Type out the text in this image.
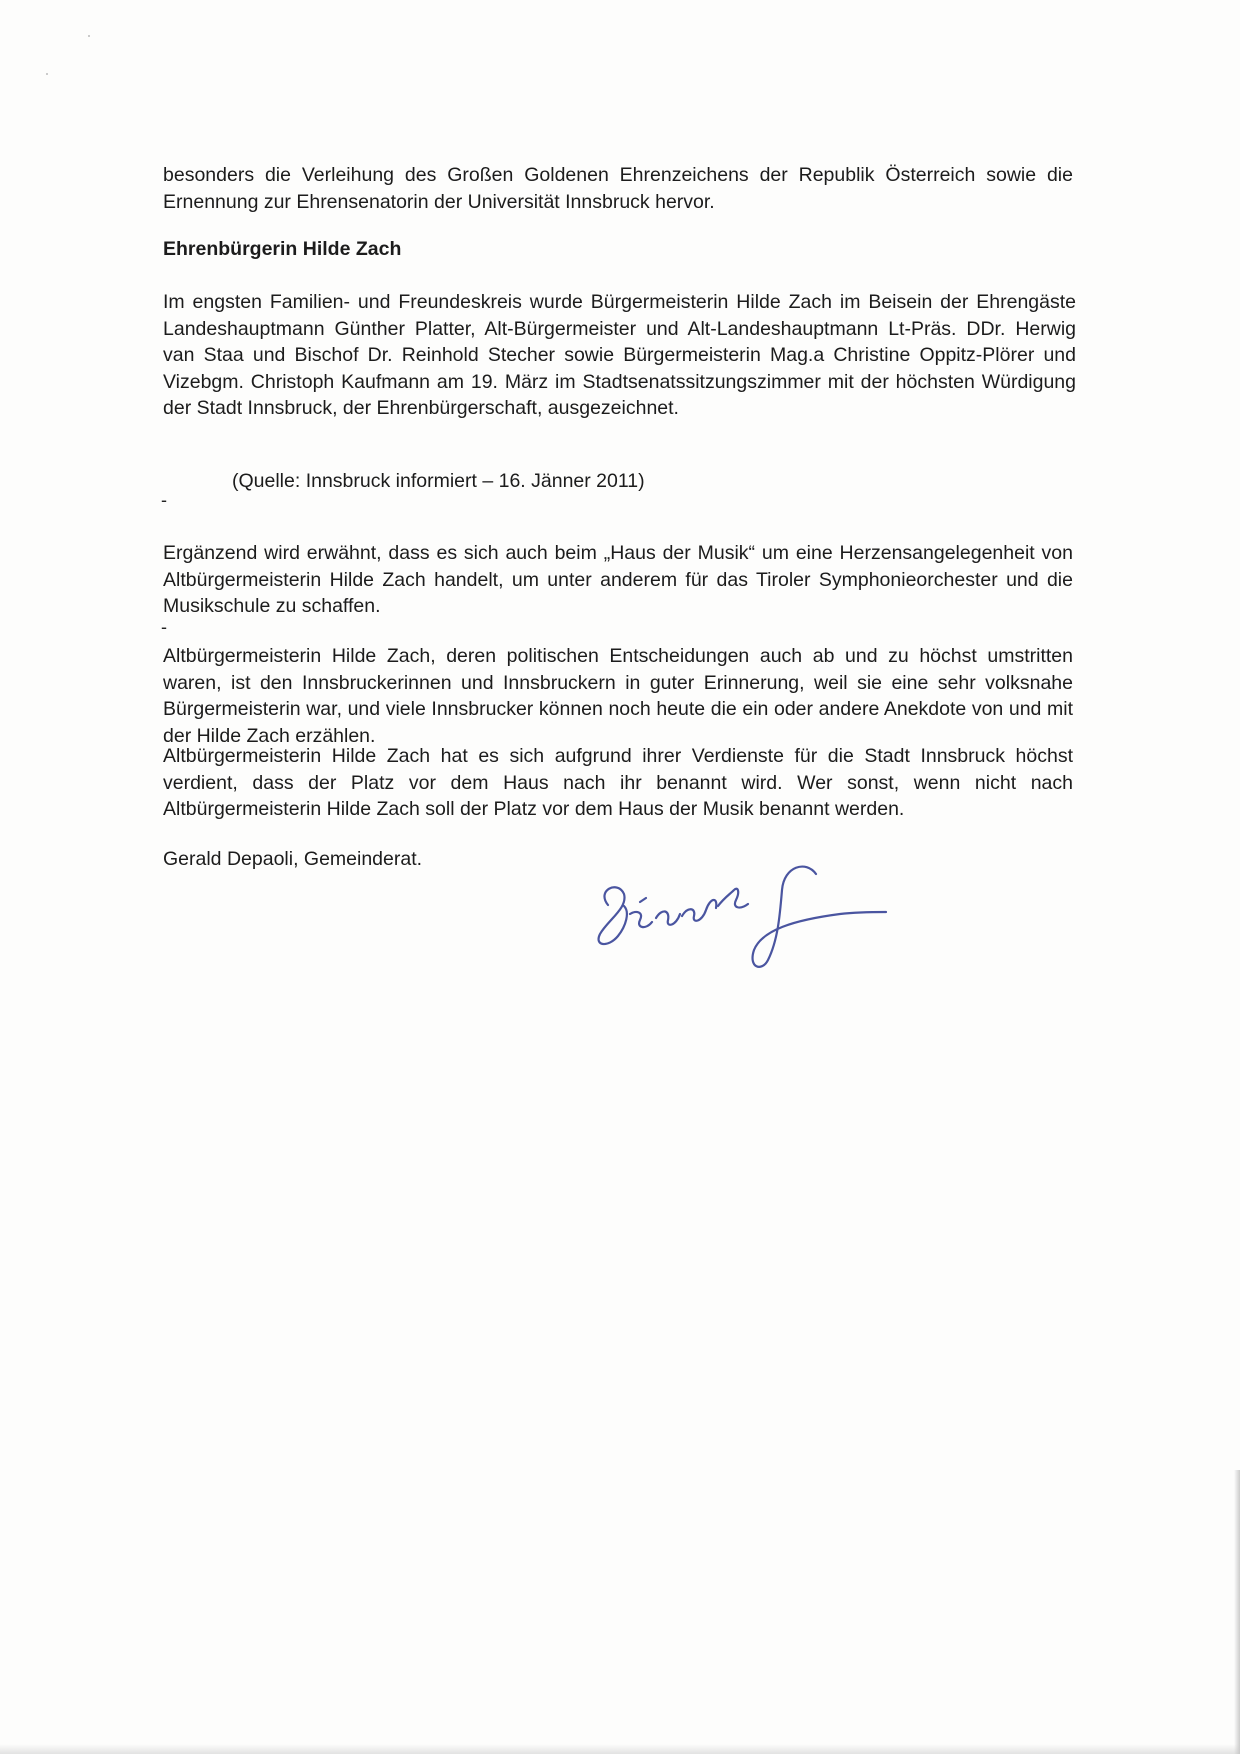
besonders die Verleihung des Großen Goldenen Ehrenzeichens der Republik Österreich sowie die Ernennung zur Ehrensenatorin der Universität Innsbruck hervor.

Ehrenbürgerin Hilde Zach

Im engsten Familien- und Freundeskreis wurde Bürgermeisterin Hilde Zach im Beisein der Ehrengäste Landeshauptmann Günther Platter, Alt-Bürgermeister und Alt-Landeshauptmann Lt-Präs. DDr. Herwig van Staa und Bischof Dr. Reinhold Stecher sowie Bürgermeisterin Mag.a Christine Oppitz-Plörer und Vizebgm. Christoph Kaufmann am 19. März im Stadtsenatssitzungszimmer mit der höchsten Würdigung der Stadt Innsbruck, der Ehrenbürgerschaft, ausgezeichnet.

(Quelle: Innsbruck informiert – 16. Jänner 2011)

-

Ergänzend wird erwähnt, dass es sich auch beim „Haus der Musik“ um eine Herzensangelegenheit von Altbürgermeisterin Hilde Zach handelt, um unter anderem für das Tiroler Symphonieorchester und die Musikschule zu schaffen.

-

Altbürgermeisterin Hilde Zach, deren politischen Entscheidungen auch ab und zu höchst umstritten waren, ist den Innsbruckerinnen und Innsbruckern in guter Erinnerung, weil sie eine sehr volksnahe Bürgermeisterin war, und viele Innsbrucker können noch heute die ein oder andere Anekdote von und mit der Hilde Zach erzählen.

Altbürgermeisterin Hilde Zach hat es sich aufgrund ihrer Verdienste für die Stadt Innsbruck höchst verdient, dass der Platz vor dem Haus nach ihr benannt wird. Wer sonst, wenn nicht nach Altbürgermeisterin Hilde Zach soll der Platz vor dem Haus der Musik benannt werden.

Gerald Depaoli, Gemeinderat.
